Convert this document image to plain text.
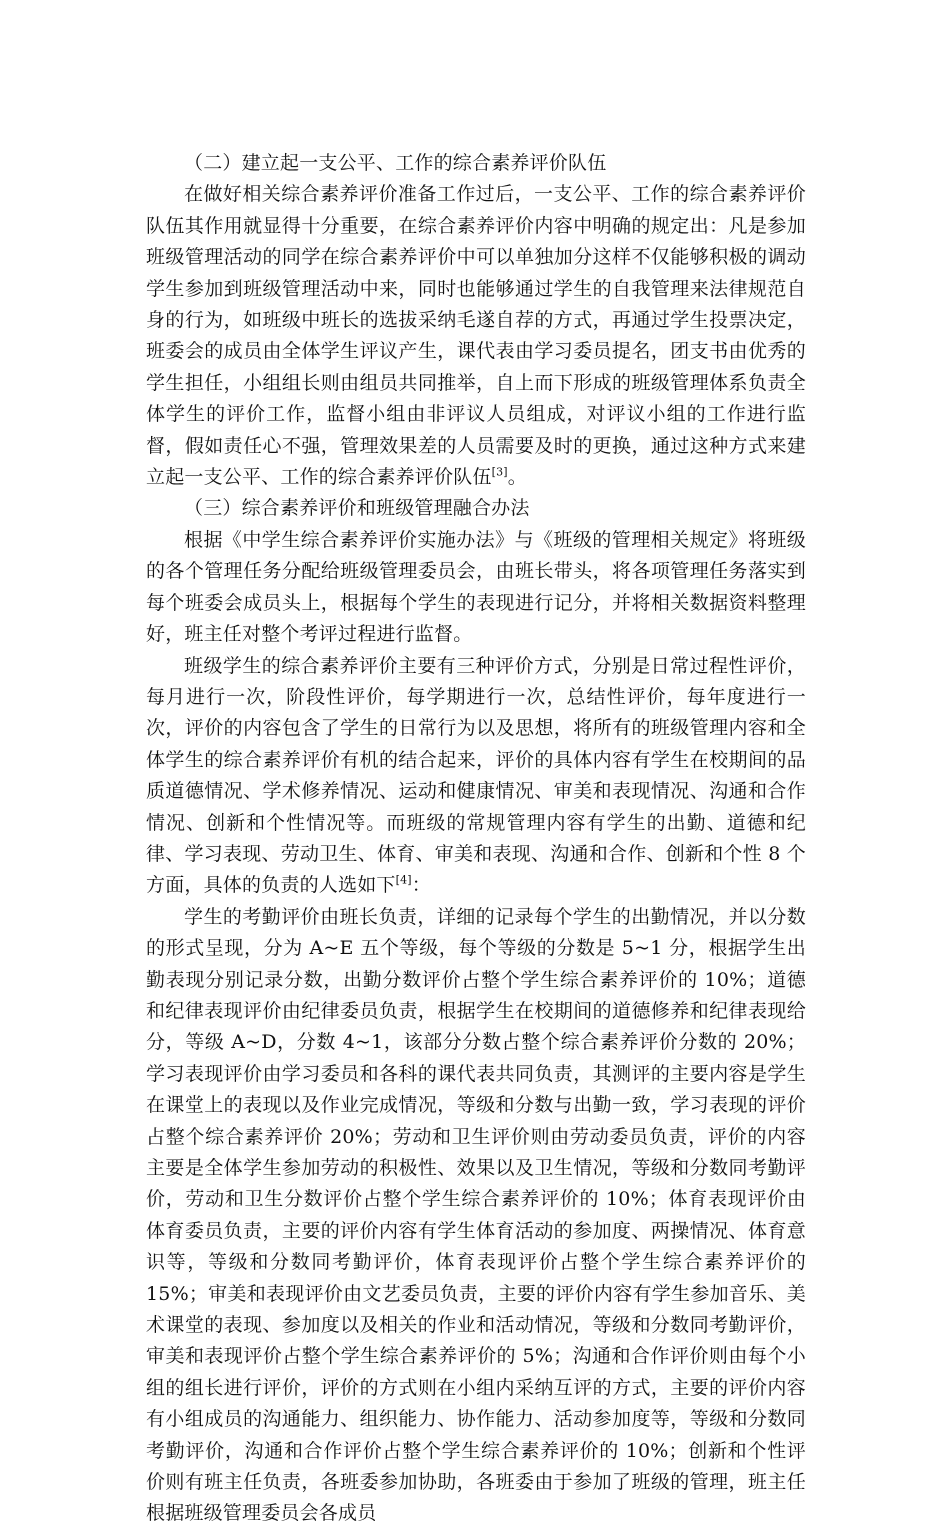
（二）建立起一支公平、工作的综合素养评价队伍

在做好相关综合素养评价准备工作过后，一支公平、工作的综合素养评价队伍其作用就显得十分重要，在综合素养评价内容中明确的规定出：凡是参加班级管理活动的同学在综合素养评价中可以单独加分这样不仅能够积极的调动学生参加到班级管理活动中来，同时也能够通过学生的自我管理来法律规范自身的行为，如班级中班长的选拔采纳毛遂自荐的方式，再通过学生投票决定，班委会的成员由全体学生评议产生，课代表由学习委员提名，团支书由优秀的学生担任，小组组长则由组员共同推举，自上而下形成的班级管理体系负责全体学生的评价工作，监督小组由非评议人员组成，对评议小组的工作进行监督，假如责任心不强，管理效果差的人员需要及时的更换，通过这种方式来建立起一支公平、工作的综合素养评价队伍[3]。

（三）综合素养评价和班级管理融合办法

根据《中学生综合素养评价实施办法》与《班级的管理相关规定》将班级的各个管理任务分配给班级管理委员会，由班长带头，将各项管理任务落实到每个班委会成员头上，根据每个学生的表现进行记分，并将相关数据资料整理好，班主任对整个考评过程进行监督。

班级学生的综合素养评价主要有三种评价方式，分别是日常过程性评价，每月进行一次，阶段性评价，每学期进行一次，总结性评价，每年度进行一次，评价的内容包含了学生的日常行为以及思想，将所有的班级管理内容和全体学生的综合素养评价有机的结合起来，评价的具体内容有学生在校期间的品质道德情况、学术修养情况、运动和健康情况、审美和表现情况、沟通和合作情况、创新和个性情况等。而班级的常规管理内容有学生的出勤、道德和纪律、学习表现、劳动卫生、体育、审美和表现、沟通和合作、创新和个性 8 个方面，具体的负责的人选如下[4]：

学生的考勤评价由班长负责，详细的记录每个学生的出勤情况，并以分数的形式呈现，分为 A~E 五个等级，每个等级的分数是 5~1 分，根据学生出勤表现分别记录分数，出勤分数评价占整个学生综合素养评价的 10%；道德和纪律表现评价由纪律委员负责，根据学生在校期间的道德修养和纪律表现给分，等级 A~D，分数 4~1，该部分分数占整个综合素养评价分数的 20%；学习表现评价由学习委员和各科的课代表共同负责，其测评的主要内容是学生在课堂上的表现以及作业完成情况，等级和分数与出勤一致，学习表现的评价占整个综合素养评价 20%；劳动和卫生评价则由劳动委员负责，评价的内容主要是全体学生参加劳动的积极性、效果以及卫生情况，等级和分数同考勤评价，劳动和卫生分数评价占整个学生综合素养评价的 10%；体育表现评价由体育委员负责，主要的评价内容有学生体育活动的参加度、两操情况、体育意识等，等级和分数同考勤评价，体育表现评价占整个学生综合素养评价的 15%；审美和表现评价由文艺委员负责，主要的评价内容有学生参加音乐、美术课堂的表现、参加度以及相关的作业和活动情况，等级和分数同考勤评价，审美和表现评价占整个学生综合素养评价的 5%；沟通和合作评价则由每个小组的组长进行评价，评价的方式则在小组内采纳互评的方式，主要的评价内容有小组成员的沟通能力、组织能力、协作能力、活动参加度等，等级和分数同考勤评价，沟通和合作评价占整个学生综合素养评价的 10%；创新和个性评价则有班主任负责，各班委参加协助，各班委由于参加了班级的管理，班主任根据班级管理委员会各成员
